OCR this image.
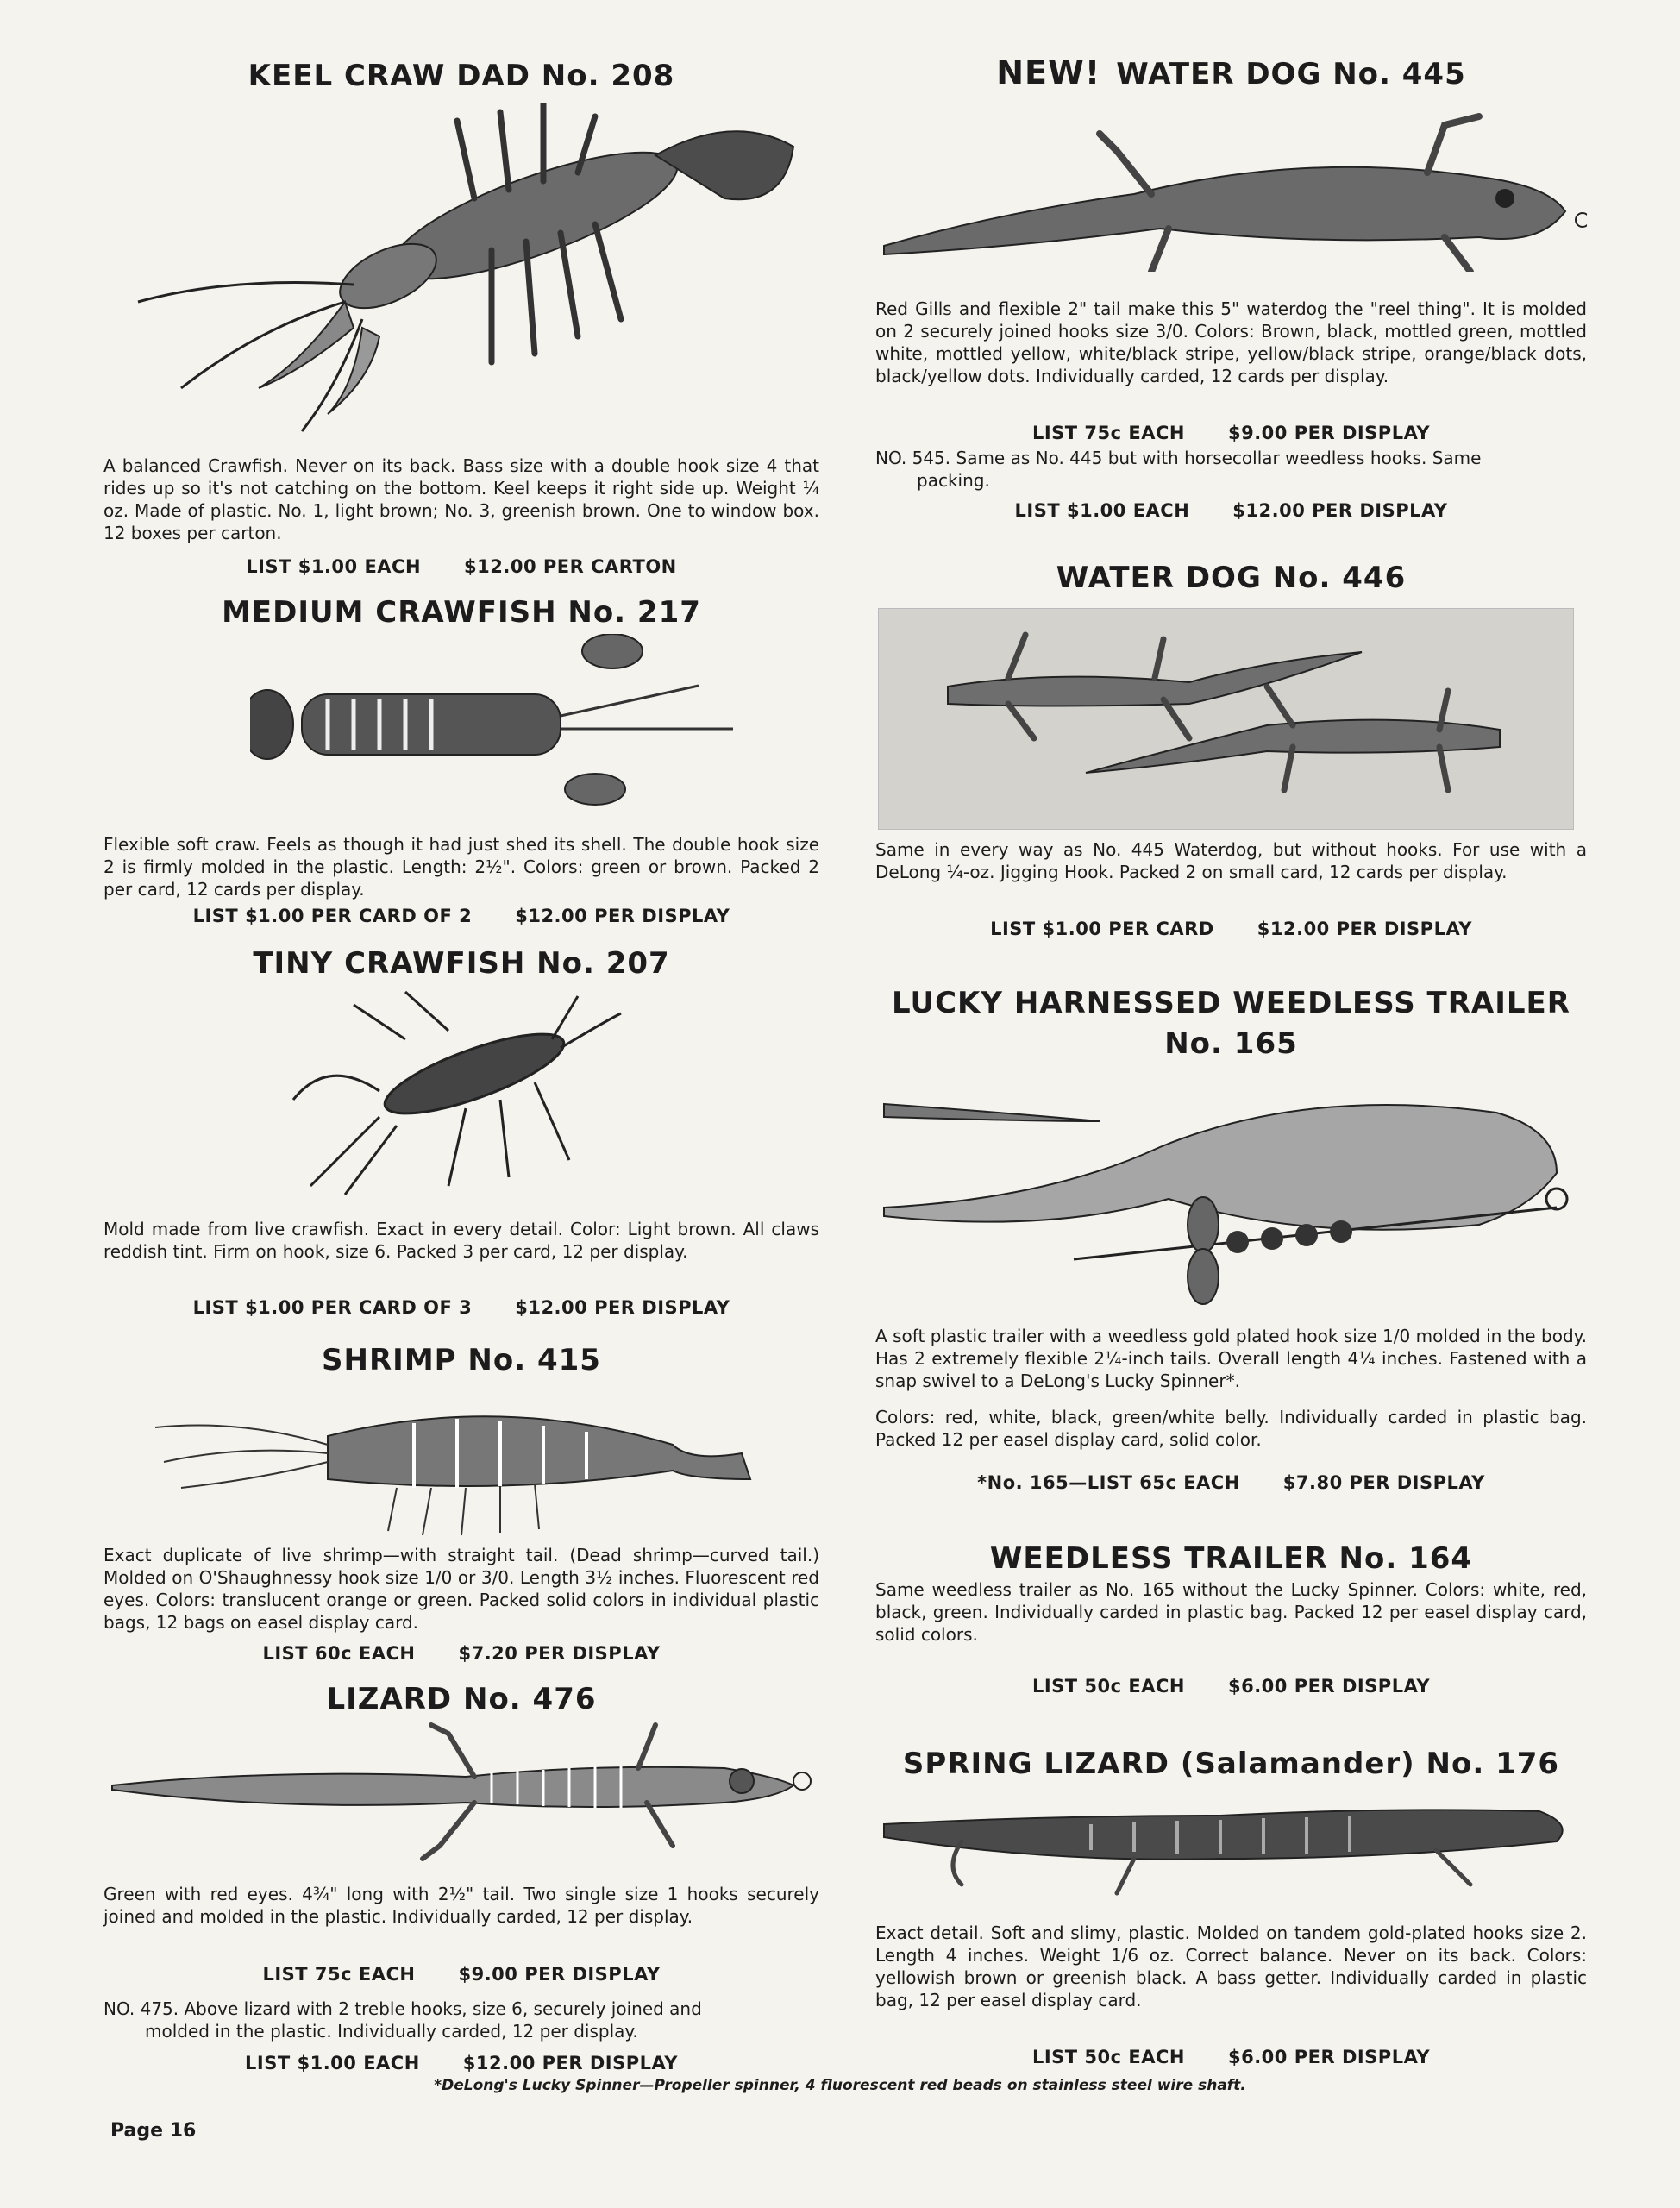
KEEL CRAW DAD No. 208
A balanced Crawfish. Never on its back. Bass size with a double hook size 4 that rides up so it's not catching on the bottom. Keel keeps it right side up. Weight ¼ oz. Made of plastic. No. 1, light brown; No. 3, greenish brown. One to window box. 12 boxes per carton.
LIST $1.00 EACH $12.00 PER CARTON
MEDIUM CRAWFISH No. 217
Flexible soft craw. Feels as though it had just shed its shell. The double hook size 2 is firmly molded in the plastic. Length: 2½". Colors: green or brown. Packed 2 per card, 12 cards per display.
LIST $1.00 PER CARD OF 2 $12.00 PER DISPLAY
TINY CRAWFISH No. 207
Mold made from live crawfish. Exact in every detail. Color: Light brown. All claws reddish tint. Firm on hook, size 6. Packed 3 per card, 12 per display.
LIST $1.00 PER CARD OF 3 $12.00 PER DISPLAY
SHRIMP No. 415
Exact duplicate of live shrimp—with straight tail. (Dead shrimp—curved tail.) Molded on O'Shaughnessy hook size 1/0 or 3/0. Length 3½ inches. Fluorescent red eyes. Colors: translucent orange or green. Packed solid colors in individual plastic bags, 12 bags on easel display card.
LIST 60c EACH $7.20 PER DISPLAY
LIZARD No. 476
Green with red eyes. 4¾" long with 2½" tail. Two single size 1 hooks securely joined and molded in the plastic. Individually carded, 12 per display.
LIST 75c EACH $9.00 PER DISPLAY
NO. 475. Above lizard with 2 treble hooks, size 6, securely joined and
molded in the plastic. Individually carded, 12 per display.
LIST $1.00 EACH $12.00 PER DISPLAY
NEW! WATER DOG No. 445
Red Gills and flexible 2" tail make this 5" waterdog the "reel thing". It is molded on 2 securely joined hooks size 3/0. Colors: Brown, black, mottled green, mottled white, mottled yellow, white/black stripe, yellow/black stripe, orange/black dots, black/yellow dots. Individually carded, 12 cards per display.
LIST 75c EACH $9.00 PER DISPLAY
NO. 545. Same as No. 445 but with horsecollar weedless hooks. Same
packing.
LIST $1.00 EACH $12.00 PER DISPLAY
WATER DOG No. 446
Same in every way as No. 445 Waterdog, but without hooks. For use with a DeLong ¼-oz. Jigging Hook. Packed 2 on small card, 12 cards per display.
LIST $1.00 PER CARD $12.00 PER DISPLAY
LUCKY HARNESSED WEEDLESS TRAILER
No. 165
A soft plastic trailer with a weedless gold plated hook size 1/0 molded in the body. Has 2 extremely flexible 2¼-inch tails. Overall length 4¼ inches. Fastened with a snap swivel to a DeLong's Lucky Spinner*.
Colors: red, white, black, green/white belly. Individually carded in plastic bag. Packed 12 per easel display card, solid color.
*No. 165—LIST 65c EACH $7.80 PER DISPLAY
WEEDLESS TRAILER No. 164
Same weedless trailer as No. 165 without the Lucky Spinner. Colors: white, red, black, green. Individually carded in plastic bag. Packed 12 per easel display card, solid colors.
LIST 50c EACH $6.00 PER DISPLAY
SPRING LIZARD (Salamander) No. 176
Exact detail. Soft and slimy, plastic. Molded on tandem gold-plated hooks size 2. Length 4 inches. Weight 1/6 oz. Correct balance. Never on its back. Colors: yellowish brown or greenish black. A bass getter. Individually carded in plastic bag, 12 per easel display card.
LIST 50c EACH $6.00 PER DISPLAY
*DeLong's Lucky Spinner—Propeller spinner, 4 fluorescent red beads on stainless steel wire shaft.
Page 16
